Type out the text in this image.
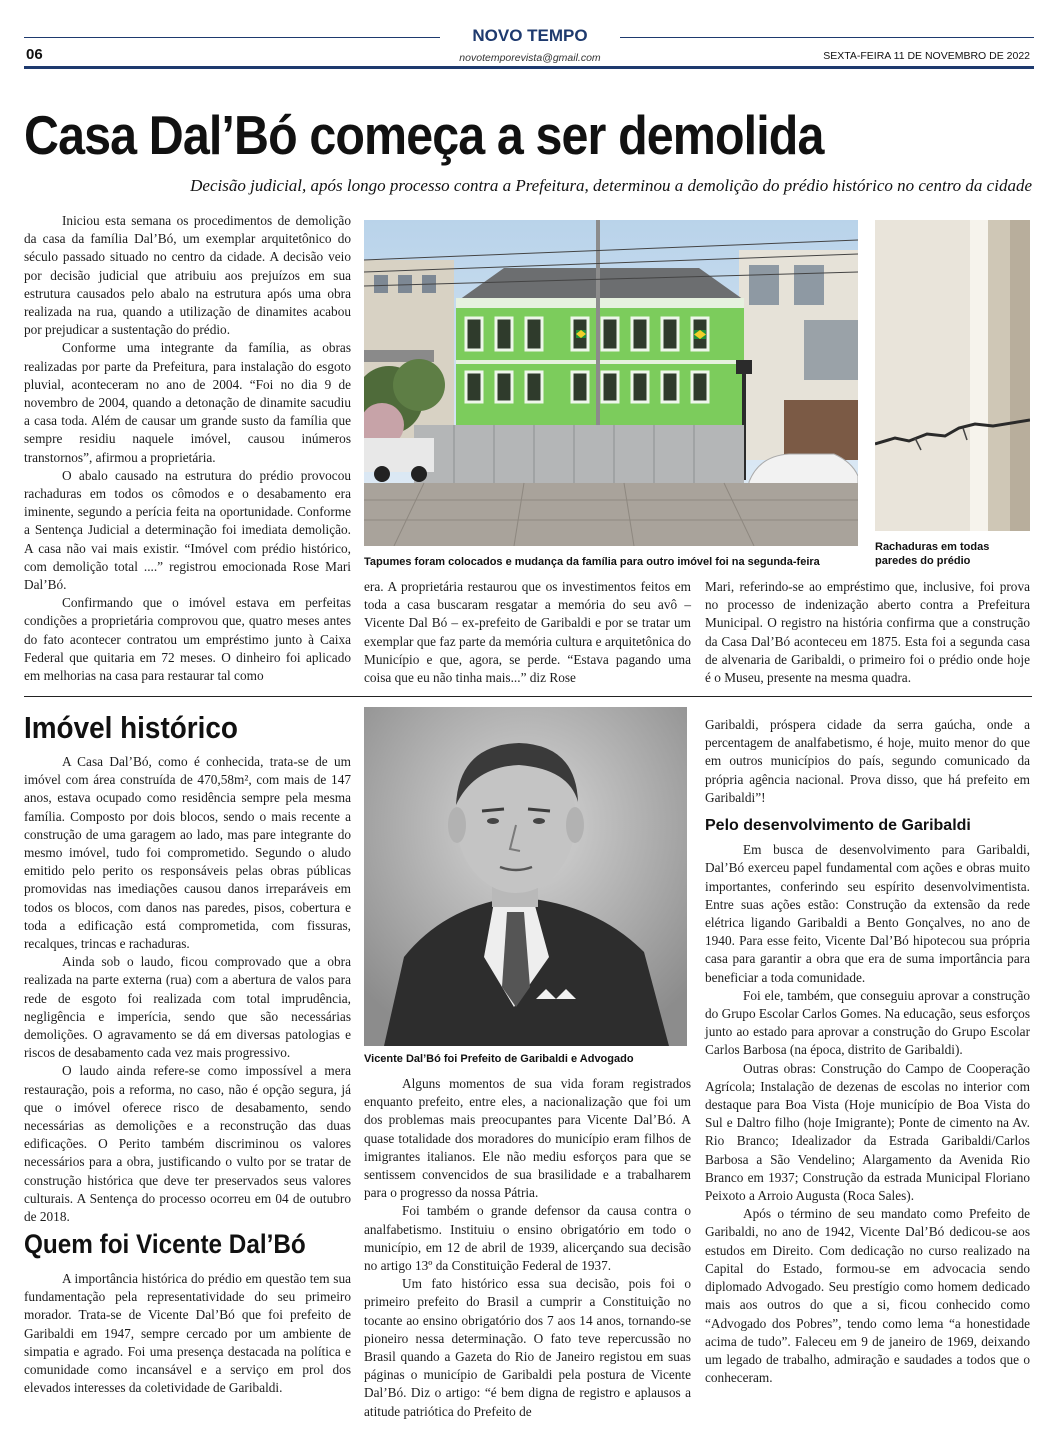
NOVO TEMPO
06	novotemporevista@gmail.com	SEXTA-FEIRA 11 DE NOVEMBRO DE 2022
Casa Dal’Bó começa a ser demolida
Decisão judicial, após longo processo contra a Prefeitura, determinou a demolição do prédio histórico no centro da cidade

Iniciou esta semana os procedimentos de demolição da casa da família Dal’Bó, um exemplar arquitetônico do século passado situado no centro da cidade. A decisão veio por decisão judicial que atribuiu aos prejuízos em sua estrutura causados pelo abalo na estrutura após uma obra realizada na rua, quando a utilização de dinamites acabou por prejudicar a sustentação do prédio.

Conforme uma integrante da família, as obras realizadas por parte da Prefeitura, para instalação do esgoto pluvial, aconteceram no ano de 2004. “Foi no dia 9 de novembro de 2004, quando a detonação de dinamite sacudiu a casa toda. Além de causar um grande susto da família que sempre residiu naquele imóvel, causou inúmeros transtornos”, afirmou a proprietária.

O abalo causado na estrutura do prédio provocou rachaduras em todos os cômodos e o desabamento era iminente, segundo a perícia feita na oportunidade. Conforme a Sentença Judicial a determinação foi imediata demolição. A casa não vai mais existir. “Imóvel com prédio histórico, com demolição total ....” registrou emocionada Rose Mari Dal’Bó.

Confirmando que o imóvel estava em perfeitas condições a proprietária comprovou que, quatro meses antes do fato acontecer contratou um empréstimo junto à Caixa Federal que quitaria em 72 meses. O dinheiro foi aplicado em melhorias na casa para restaurar tal como

Tapumes foram colocados e mudança da família para outro imóvel foi na segunda-feira
Rachaduras em todas paredes do prédio

era. A proprietária restaurou que os investimentos feitos em toda a casa buscaram resgatar a memória do seu avô – Vicente Dal Bó – ex-prefeito de Garibaldi e por se tratar um exemplar que faz parte da memória cultura e arquitetônica do Município e que, agora, se perde. “Estava pagando uma coisa que eu não tinha mais...” diz Rose

Mari, referindo-se ao empréstimo que, inclusive, foi prova no processo de indenização aberto contra a Prefeitura Municipal. O registro na história confirma que a construção da Casa Dal’Bó aconteceu em 1875. Esta foi a segunda casa de alvenaria de Garibaldi, o primeiro foi o prédio onde hoje é o Museu, presente na mesma quadra.

Imóvel histórico

A Casa Dal’Bó, como é conhecida, trata-se de um imóvel com área construída de 470,58m², com mais de 147 anos, estava ocupado como residência sempre pela mesma família. Composto por dois blocos, sendo o mais recente a construção de uma garagem ao lado, mas pare integrante do mesmo imóvel, tudo foi comprometido. Segundo o aludo emitido pelo perito os responsáveis pelas obras públicas promovidas nas imediações causou danos irreparáveis em todos os blocos, com danos nas paredes, pisos, cobertura e toda a edificação está comprometida, com fissuras, recalques, trincas e rachaduras.

Ainda sob o laudo, ficou comprovado que a obra realizada na parte externa (rua) com a abertura de valos para rede de esgoto foi realizada com total imprudência, negligência e imperícia, sendo que são necessárias demolições. O agravamento se dá em diversas patologias e riscos de desabamento cada vez mais progressivo.

O laudo ainda refere-se como impossível a mera restauração, pois a reforma, no caso, não é opção segura, já que o imóvel oferece risco de desabamento, sendo necessárias as demolições e a reconstrução das duas edificações. O Perito também discriminou os valores necessários para a obra, justificando o vulto por se tratar de construção histórica que deve ter preservados seus valores culturais. A Sentença do processo ocorreu em 04 de outubro de 2018.

Quem foi Vicente Dal’Bó

A importância histórica do prédio em questão tem sua fundamentação pela representatividade do seu primeiro morador. Trata-se de Vicente Dal’Bó que foi prefeito de Garibaldi em 1947, sempre cercado por um ambiente de simpatia e agrado. Foi uma presença destacada na política e comunidade como incansável e a serviço em prol dos elevados interesses da coletividade de Garibaldi.

Vicente Dal’Bó foi Prefeito de Garibaldi e Advogado

Alguns momentos de sua vida foram registrados enquanto prefeito, entre eles, a nacionalização que foi um dos problemas mais preocupantes para Vicente Dal’Bó. A quase totalidade dos moradores do município eram filhos de imigrantes italianos. Ele não mediu esforços para que se sentissem convencidos de sua brasilidade e a trabalharem para o progresso da nossa Pátria.

Foi também o grande defensor da causa contra o analfabetismo. Instituiu o ensino obrigatório em todo o município, em 12 de abril de 1939, alicerçando sua decisão no artigo 13º da Constituição Federal de 1937.

Um fato histórico essa sua decisão, pois foi o primeiro prefeito do Brasil a cumprir a Constituição no tocante ao ensino obrigatório dos 7 aos 14 anos, tornando-se pioneiro nessa determinação. O fato teve repercussão no Brasil quando a Gazeta do Rio de Janeiro registou em suas páginas o município de Garibaldi pela postura de Vicente Dal’Bó. Diz o artigo: “é bem digna de registro e aplausos a atitude patriótica do Prefeito de

Garibaldi, próspera cidade da serra gaúcha, onde a percentagem de analfabetismo, é hoje, muito menor do que em outros municípios do país, segundo comunicado da própria agência nacional. Prova disso, que há prefeito em Garibaldi”!

Pelo desenvolvimento de Garibaldi

Em busca de desenvolvimento para Garibaldi, Dal’Bó exerceu papel fundamental com ações e obras muito importantes, conferindo seu espírito desenvolvimentista. Entre suas ações estão: Construção da extensão da rede elétrica ligando Garibaldi a Bento Gonçalves, no ano de 1940. Para esse feito, Vicente Dal’Bó hipotecou sua própria casa para garantir a obra que era de suma importância para beneficiar a toda comunidade.

Foi ele, também, que conseguiu aprovar a construção do Grupo Escolar Carlos Gomes. Na educação, seus esforços junto ao estado para aprovar a construção do Grupo Escolar Carlos Barbosa (na época, distrito de Garibaldi).

Outras obras: Construção do Campo de Cooperação Agrícola; Instalação de dezenas de escolas no interior com destaque para Boa Vista (Hoje município de Boa Vista do Sul e Daltro filho (hoje Imigrante); Ponte de cimento na Av. Rio Branco; Idealizador da Estrada Garibaldi/Carlos Barbosa a São Vendelino; Alargamento da Avenida Rio Branco em 1937; Construção da estrada Municipal Floriano Peixoto a Arroio Augusta (Roca Sales).

Após o término de seu mandato como Prefeito de Garibaldi, no ano de 1942, Vicente Dal’Bó dedicou-se aos estudos em Direito. Com dedicação no curso realizado na Capital do Estado, formou-se em advocacia sendo diplomado Advogado. Seu prestígio como homem dedicado mais aos outros do que a si, ficou conhecido como “Advogado dos Pobres”, tendo como lema “a honestidade acima de tudo”. Faleceu em 9 de janeiro de 1969, deixando um legado de trabalho, admiração e saudades a todos que o conheceram.
